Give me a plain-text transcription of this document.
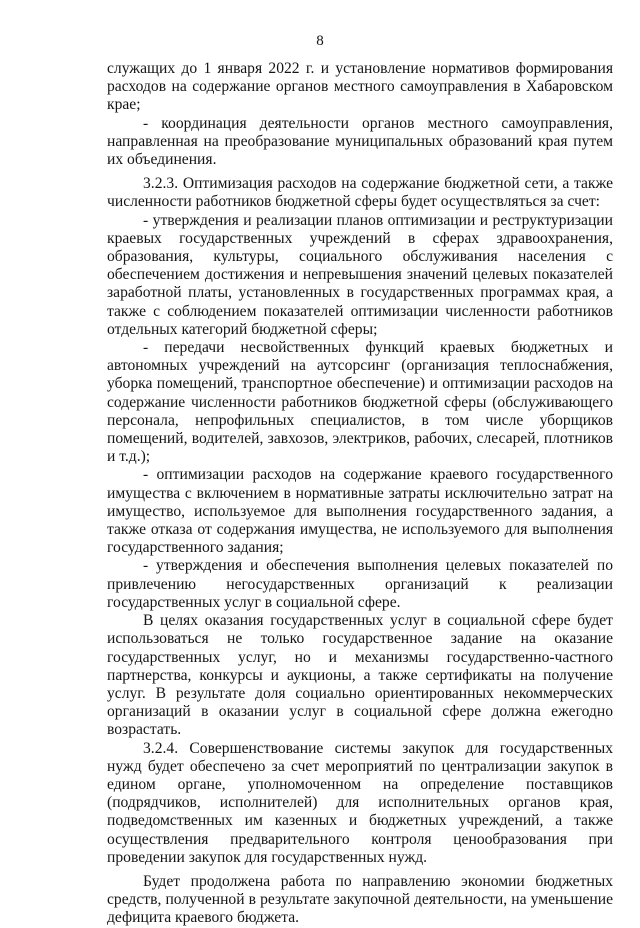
8

служащих до 1 января 2022 г. и установление нормативов формирования расходов на содержание органов местного самоуправления в Хабаровском крае;

- координация деятельности органов местного самоуправления, направленная на преобразование муниципальных образований края путем их объединения.

3.2.3. Оптимизация расходов на содержание бюджетной сети, а также численности работников бюджетной сферы будет осуществляться за счет:

- утверждения и реализации планов оптимизации и реструктуризации краевых государственных учреждений в сферах здравоохранения, образования, культуры, социального обслуживания населения с обеспечением достижения и непревышения значений целевых показателей заработной платы, установленных в государственных программах края, а также с соблюдением показателей оптимизации численности работников отдельных категорий бюджетной сферы;

- передачи несвойственных функций краевых бюджетных и автономных учреждений на аутсорсинг (организация теплоснабжения, уборка помещений, транспортное обеспечение) и оптимизации расходов на содержание численности работников бюджетной сферы (обслуживающего персонала, непрофильных специалистов, в том числе уборщиков помещений, водителей, завхозов, электриков, рабочих, слесарей, плотников и т.д.);

- оптимизации расходов на содержание краевого государственного имущества с включением в нормативные затраты исключительно затрат на имущество, используемое для выполнения государственного задания, а также отказа от содержания имущества, не используемого для выполнения государственного задания;

- утверждения и обеспечения выполнения целевых показателей по привлечению негосударственных организаций к реализации государственных услуг в социальной сфере.

В целях оказания государственных услуг в социальной сфере будет использоваться не только государственное задание на оказание государственных услуг, но и механизмы государственно-частного партнерства, конкурсы и аукционы, а также сертификаты на получение услуг. В результате доля социально ориентированных некоммерческих организаций в оказании услуг в социальной сфере должна ежегодно возрастать.

3.2.4. Совершенствование системы закупок для государственных нужд будет обеспечено за счет мероприятий по централизации закупок в едином органе, уполномоченном на определение поставщиков (подрядчиков, исполнителей) для исполнительных органов края, подведомственных им казенных и бюджетных учреждений, а также осуществления предварительного контроля ценообразования при проведении закупок для государственных нужд.

Будет продолжена работа по направлению экономии бюджетных средств, полученной в результате закупочной деятельности, на уменьшение дефицита краевого бюджета.
